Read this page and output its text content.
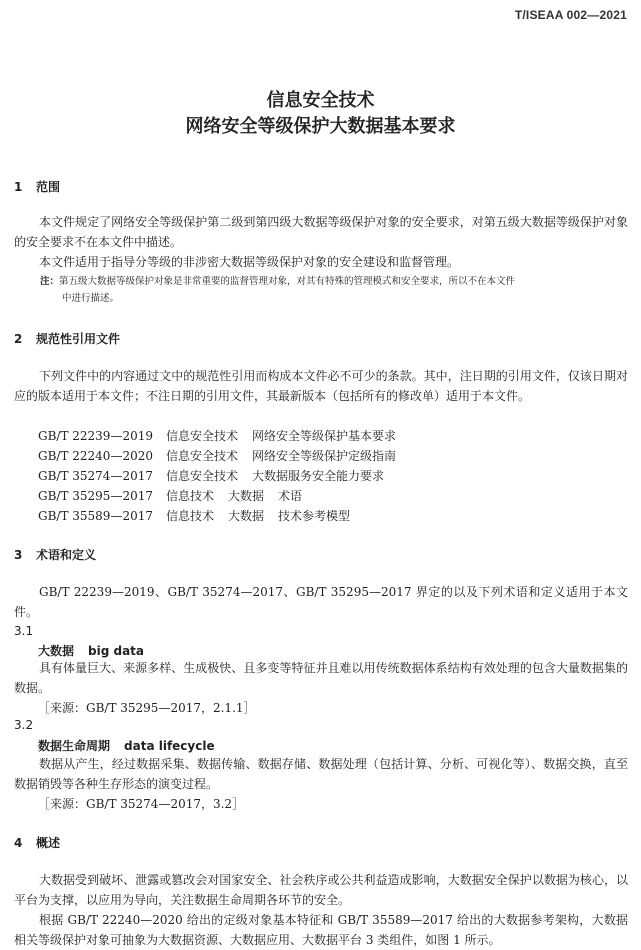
T/ISEAA 002—2021
信息安全技术
网络安全等级保护大数据基本要求
1 范围

本文件规定了网络安全等级保护第二级到第四级大数据等级保护对象的安全要求，对第五级大数据等级保护对象的安全要求不在本文件中描述。

本文件适用于指导分等级的非涉密大数据等级保护对象的安全建设和监督管理。

注：第五级大数据等级保护对象是非常重要的监督管理对象，对其有特殊的管理模式和安全要求，所以不在本文件
中进行描述。
2 规范性引用文件

下列文件中的内容通过文中的规范性引用而构成本文件必不可少的条款。其中，注日期的引用文件，仅该日期对应的版本适用于本文件；不注日期的引用文件，其最新版本（包括所有的修改单）适用于本文件。

GB/T 22239—2019 信息安全技术 网络安全等级保护基本要求
GB/T 22240—2020 信息安全技术 网络安全等级保护定级指南
GB/T 35274—2017 信息安全技术 大数据服务安全能力要求
GB/T 35295—2017 信息技术 大数据 术语
GB/T 35589—2017 信息技术 大数据 技术参考模型
3 术语和定义

GB/T 22239—2019、GB/T 35274—2017、GB/T 35295—2017 界定的以及下列术语和定义适用于本文件。

3.1
大数据 big data

具有体量巨大、来源多样、生成极快、且多变等特征并且难以用传统数据体系结构有效处理的包含大量数据集的数据。

［来源：GB/T 35295—2017，2.1.1］
3.2
数据生命周期 data lifecycle

数据从产生，经过数据采集、数据传输、数据存储、数据处理（包括计算、分析、可视化等）、数据交换，直至数据销毁等各种生存形态的演变过程。

［来源：GB/T 35274—2017，3.2］
4 概述

大数据受到破坏、泄露或篡改会对国家安全、社会秩序或公共利益造成影响，大数据安全保护以数据为核心，以平台为支撑，以应用为导向，关注数据生命周期各环节的安全。

根据 GB/T 22240—2020 给出的定级对象基本特征和 GB/T 35589—2017 给出的大数据参考架构，大数据相关等级保护对象可抽象为大数据资源、大数据应用、大数据平台 3 类组件，如图 1 所示。
